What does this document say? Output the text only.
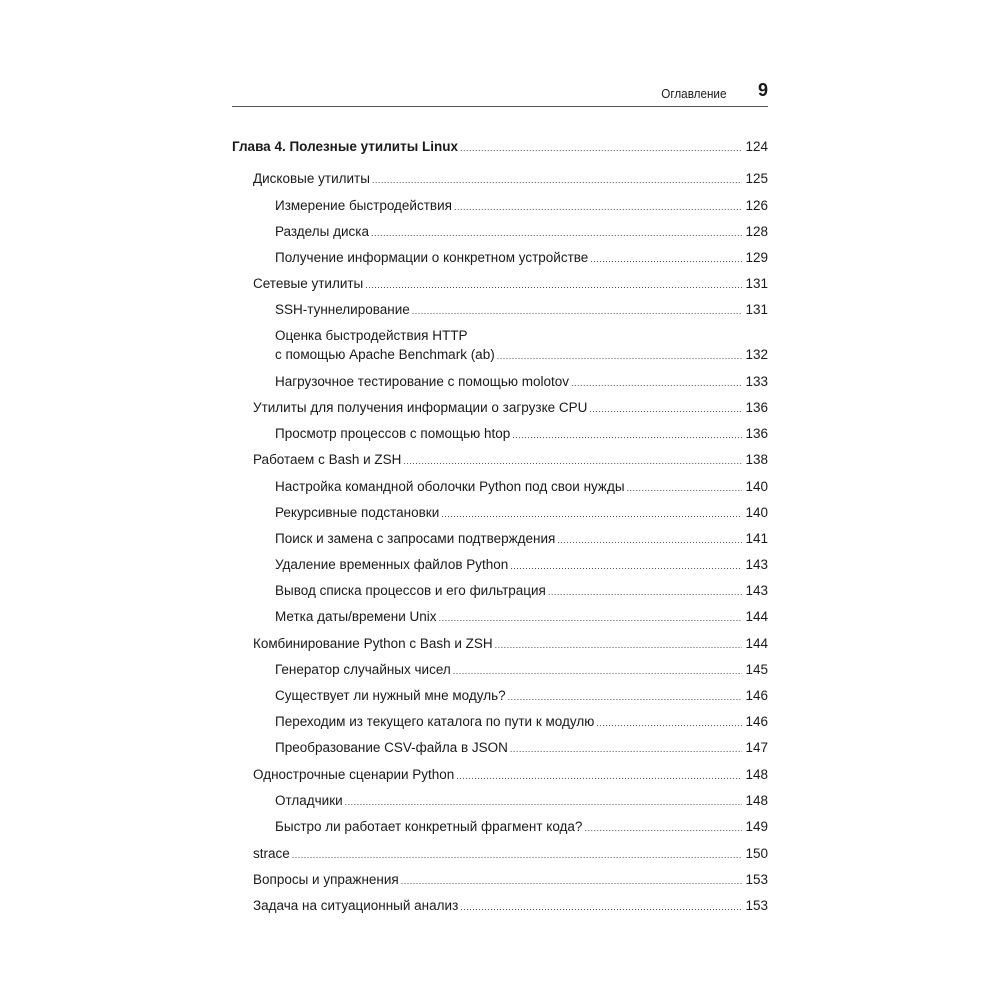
Оглавление 9
Глава 4. Полезные утилиты Linux .....	124
Дисковые утилиты .....	125
Измерение быстродействия .....	126
Разделы диска .....	128
Получение информации о конкретном устройстве .....	129
Сетевые утилиты .....	131
SSH-туннелирование .....	131
Оценка быстродействия HTTP
с помощью Apache Benchmark (ab) .....	132
Нагрузочное тестирование с помощью molotov .....	133
Утилиты для получения информации о загрузке CPU .....	136
Просмотр процессов с помощью htop .....	136
Работаем с Bash и ZSH .....	138
Настройка командной оболочки Python под свои нужды .....	140
Рекурсивные подстановки .....	140
Поиск и замена с запросами подтверждения .....	141
Удаление временных файлов Python .....	143
Вывод списка процессов и его фильтрация .....	143
Метка даты/времени Unix .....	144
Комбинирование Python с Bash и ZSH .....	144
Генератор случайных чисел .....	145
Существует ли нужный мне модуль? .....	146
Переходим из текущего каталога по пути к модулю .....	146
Преобразование CSV-файла в JSON .....	147
Однострочные сценарии Python .....	148
Отладчики .....	148
Быстро ли работает конкретный фрагмент кода? .....	149
strace .....	150
Вопросы и упражнения .....	153
Задача на ситуационный анализ .....	153
